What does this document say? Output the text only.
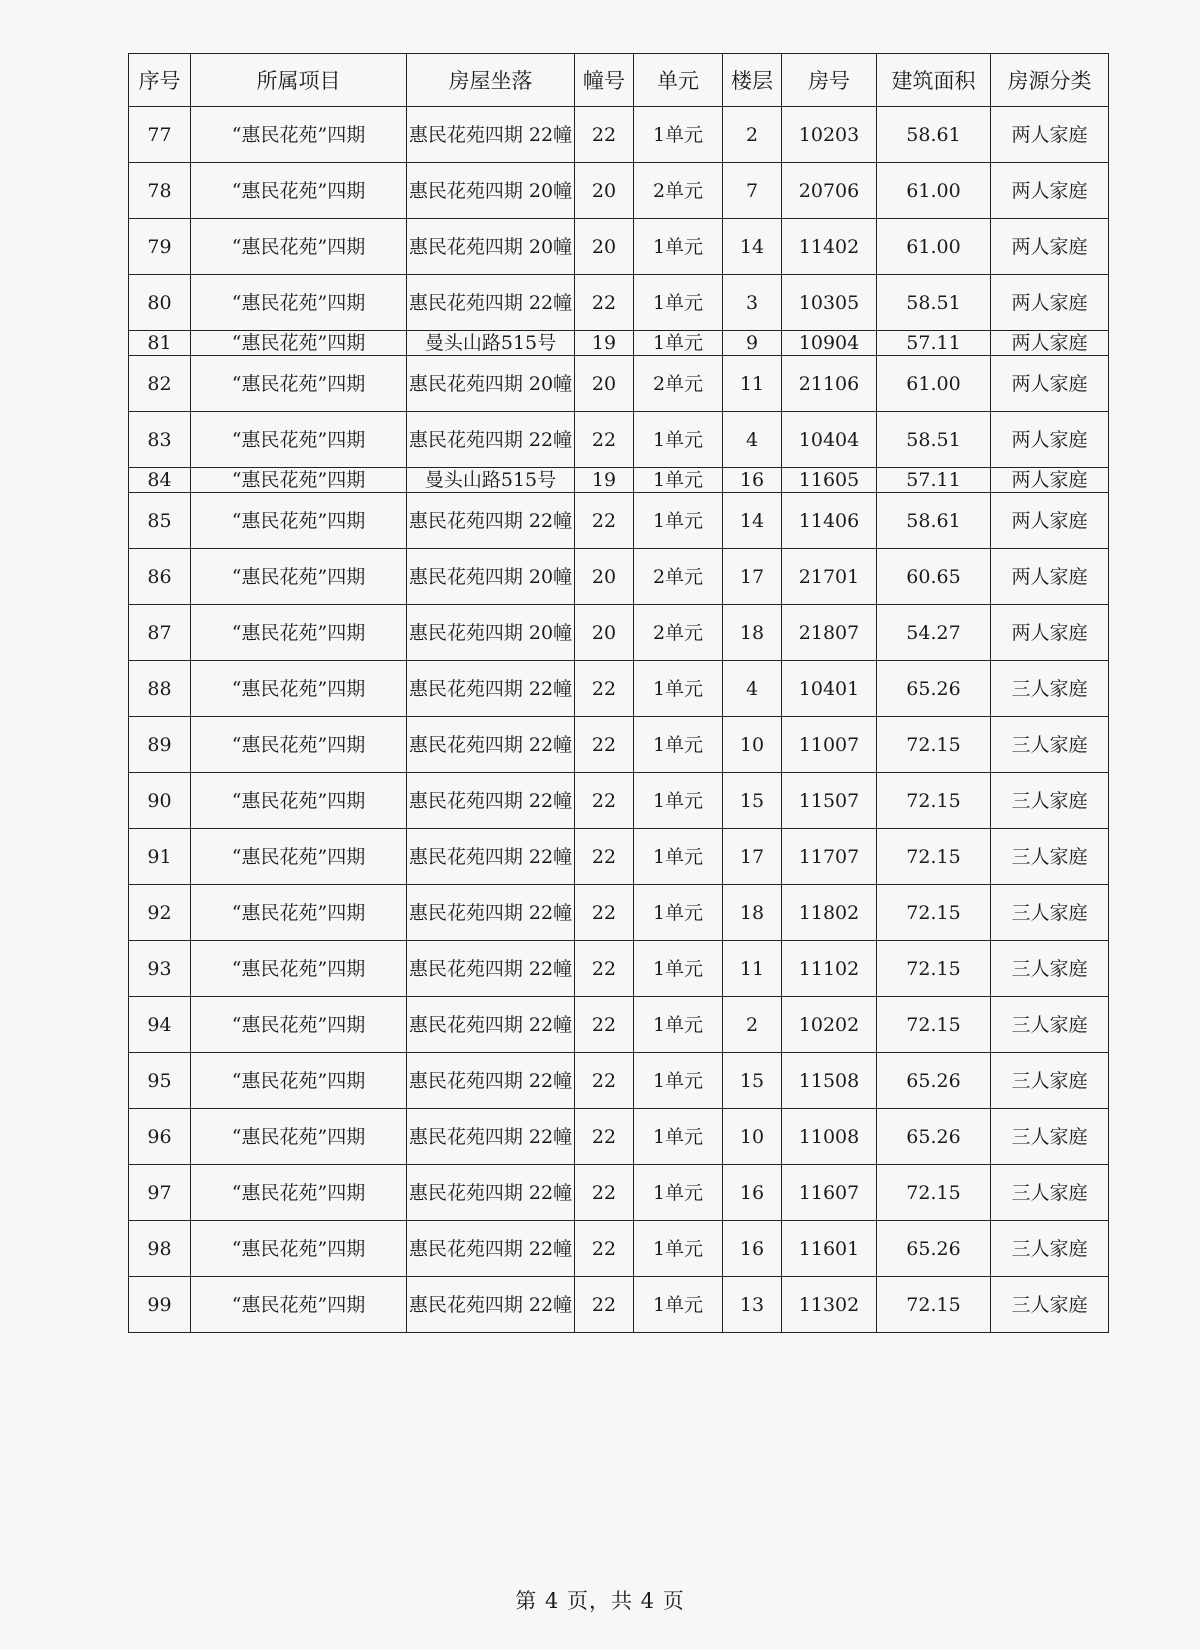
序号	所属项目	房屋坐落	幢号	单元	楼层	房号	建筑面积	房源分类
77	“惠民花苑”四期	惠民花苑四期 22幢	22	1单元	2	10203	58.61	两人家庭
78	“惠民花苑”四期	惠民花苑四期 20幢	20	2单元	7	20706	61.00	两人家庭
79	“惠民花苑”四期	惠民花苑四期 20幢	20	1单元	14	11402	61.00	两人家庭
80	“惠民花苑”四期	惠民花苑四期 22幢	22	1单元	3	10305	58.51	两人家庭
81	“惠民花苑”四期	曼头山路515号	19	1单元	9	10904	57.11	两人家庭
82	“惠民花苑”四期	惠民花苑四期 20幢	20	2单元	11	21106	61.00	两人家庭
83	“惠民花苑”四期	惠民花苑四期 22幢	22	1单元	4	10404	58.51	两人家庭
84	“惠民花苑”四期	曼头山路515号	19	1单元	16	11605	57.11	两人家庭
85	“惠民花苑”四期	惠民花苑四期 22幢	22	1单元	14	11406	58.61	两人家庭
86	“惠民花苑”四期	惠民花苑四期 20幢	20	2单元	17	21701	60.65	两人家庭
87	“惠民花苑”四期	惠民花苑四期 20幢	20	2单元	18	21807	54.27	两人家庭
88	“惠民花苑”四期	惠民花苑四期 22幢	22	1单元	4	10401	65.26	三人家庭
89	“惠民花苑”四期	惠民花苑四期 22幢	22	1单元	10	11007	72.15	三人家庭
90	“惠民花苑”四期	惠民花苑四期 22幢	22	1单元	15	11507	72.15	三人家庭
91	“惠民花苑”四期	惠民花苑四期 22幢	22	1单元	17	11707	72.15	三人家庭
92	“惠民花苑”四期	惠民花苑四期 22幢	22	1单元	18	11802	72.15	三人家庭
93	“惠民花苑”四期	惠民花苑四期 22幢	22	1单元	11	11102	72.15	三人家庭
94	“惠民花苑”四期	惠民花苑四期 22幢	22	1单元	2	10202	72.15	三人家庭
95	“惠民花苑”四期	惠民花苑四期 22幢	22	1单元	15	11508	65.26	三人家庭
96	“惠民花苑”四期	惠民花苑四期 22幢	22	1单元	10	11008	65.26	三人家庭
97	“惠民花苑”四期	惠民花苑四期 22幢	22	1单元	16	11607	72.15	三人家庭
98	“惠民花苑”四期	惠民花苑四期 22幢	22	1单元	16	11601	65.26	三人家庭
99	“惠民花苑”四期	惠民花苑四期 22幢	22	1单元	13	11302	72.15	三人家庭
第 4 页，共 4 页
